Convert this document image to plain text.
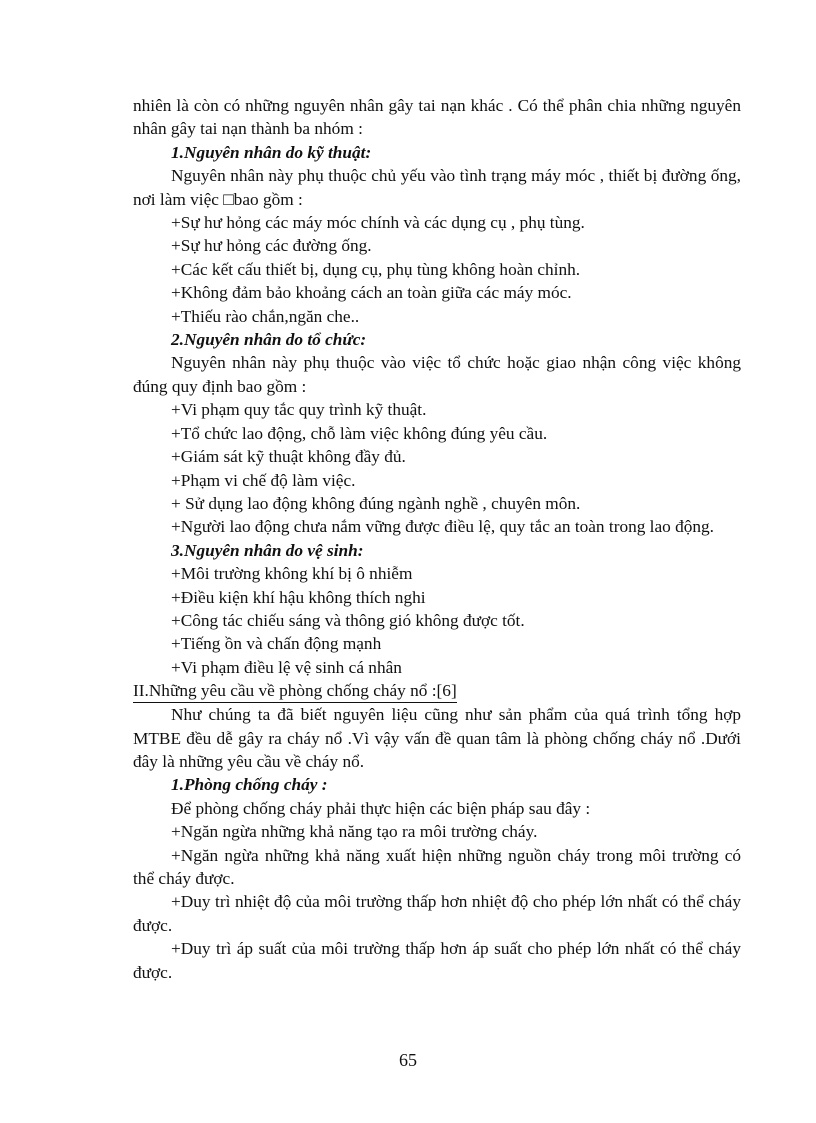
nhiên là còn có những nguyên nhân gây tai nạn khác . Có thể phân chia những nguyên nhân gây tai nạn thành ba nhóm :

1.Nguyên nhân do kỹ thuật:

Nguyên nhân này phụ thuộc chủ yếu vào tình trạng máy móc , thiết bị đường ống, nơi làm việc □bao gồm :

+Sự hư hỏng các máy móc chính và các dụng cụ , phụ tùng.

+Sự hư hỏng các đường ống.

+Các kết cấu thiết bị, dụng cụ, phụ tùng không hoàn chỉnh.

+Không đảm bảo khoảng cách an toàn giữa các máy móc.

+Thiếu rào chắn,ngăn che..

2.Nguyên nhân do tổ chức:

Nguyên nhân này phụ thuộc vào việc tổ chức hoặc giao nhận công việc không đúng quy định bao gồm :

+Vi phạm quy tắc quy trình kỹ thuật.

+Tổ chức lao động, chỗ làm việc không đúng yêu cầu.

+Giám sát kỹ thuật không đầy đủ.

+Phạm vi chế độ làm việc.

+ Sử dụng lao động không đúng ngành nghề , chuyên môn.

+Người lao động chưa nắm vững được điều lệ, quy tắc an toàn trong lao động.

3.Nguyên nhân do vệ sinh:

+Môi trường không khí bị ô nhiễm

+Điều kiện khí hậu không thích nghi

+Công tác chiếu sáng và thông gió không được tốt.

+Tiếng ồn và chấn động mạnh

+Vi phạm điều lệ vệ sinh cá nhân

II.Những yêu cầu về phòng chống cháy nổ :[6]

Như chúng ta đã biết nguyên liệu cũng như sản phẩm của quá trình tổng hợp MTBE đều dễ gây ra cháy nổ .Vì vậy vấn đề quan tâm là phòng chống cháy nổ .Dưới đây là những yêu cầu về cháy nổ.

1.Phòng chống cháy :

Để phòng chống cháy phải thực hiện các biện pháp sau đây :

+Ngăn ngừa những khả năng tạo ra môi trường cháy.

+Ngăn ngừa những khả năng xuất hiện những nguồn cháy trong môi trường có thể cháy được.

+Duy trì nhiệt độ của môi trường thấp hơn nhiệt độ cho phép lớn nhất có thể cháy được.

+Duy trì áp suất của môi trường thấp hơn áp suất cho phép lớn nhất có thể cháy được.

65
